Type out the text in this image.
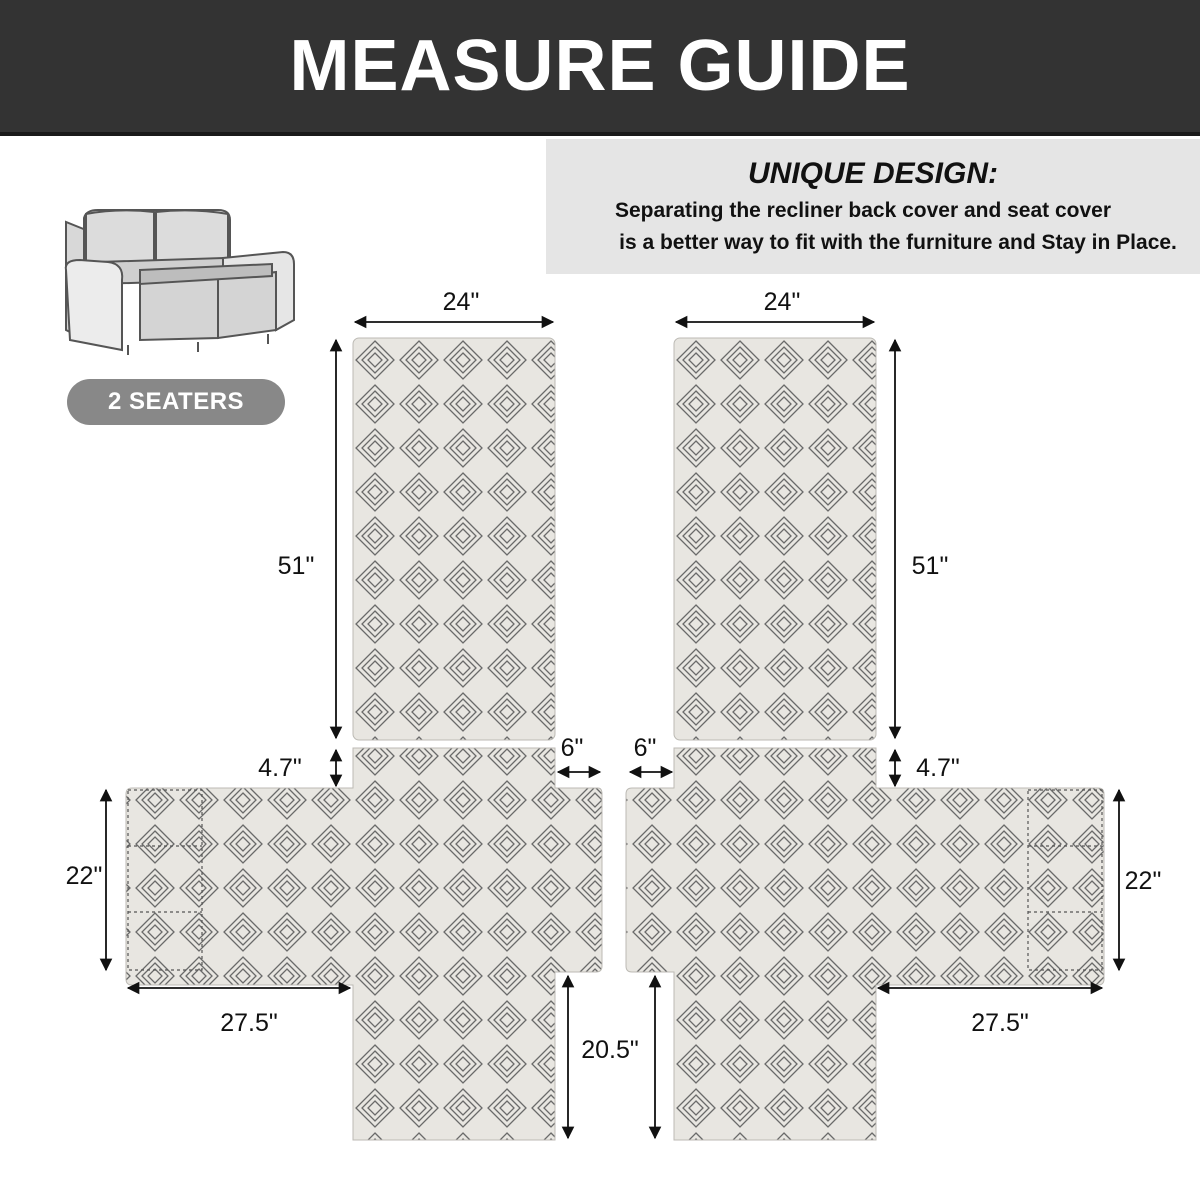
MEASURE GUIDE
UNIQUE DESIGN:
Separating the recliner back cover and seat cover
is a better way to fit with the furniture and Stay in Place.
2 SEATERS
24"
51"
4.7"
6"
22"
27.5"
20.5"
24"
51"
4.7"
6"
22"
27.5"
